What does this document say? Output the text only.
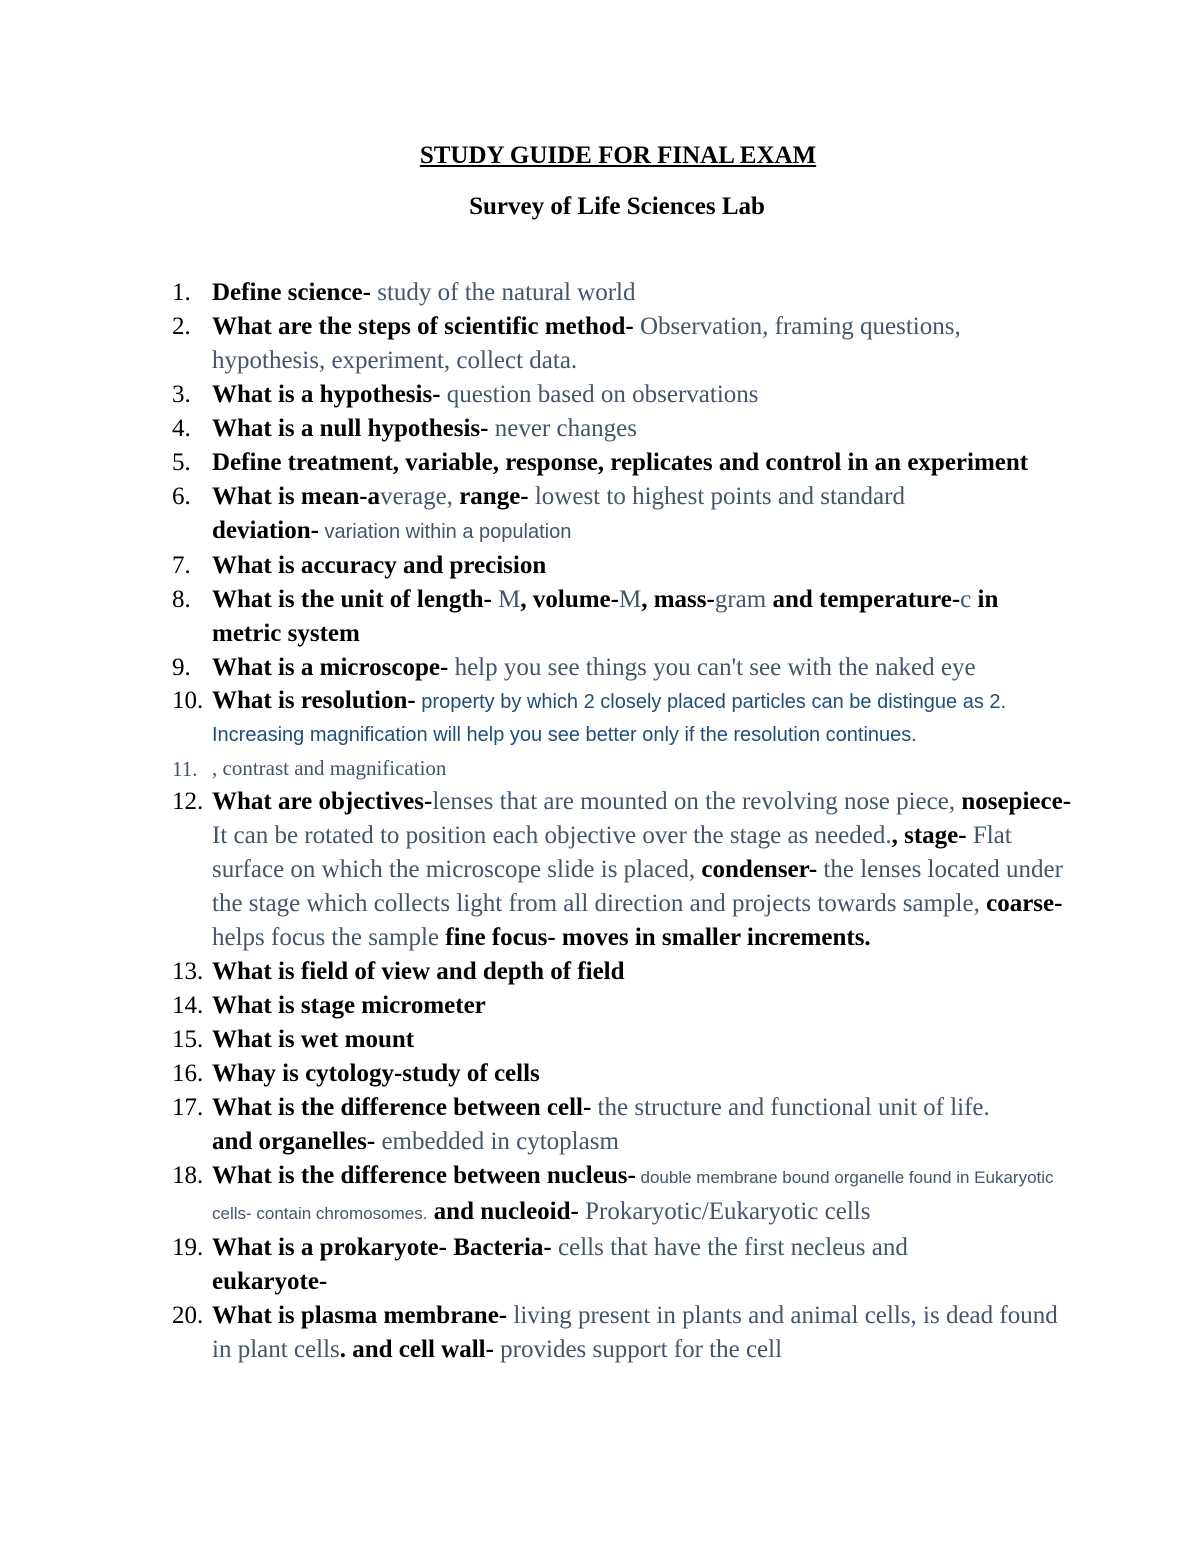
STUDY GUIDE FOR FINAL EXAM
Survey of Life Sciences Lab
1. Define science- study of the natural world
2. What are the steps of scientific method- Observation, framing questions, hypothesis, experiment, collect data.
3. What is a hypothesis- question based on observations
4. What is a null hypothesis- never changes
5. Define treatment, variable, response, replicates and control in an experiment
6. What is mean-average, range- lowest to highest points and standard
deviation- variation within a population
7. What is accuracy and precision
8. What is the unit of length- M, volume-M, mass-gram and temperature-c in metric system
9. What is a microscope- help you see things you can't see with the naked eye
10. What is resolution- property by which 2 closely placed particles can be distingue as 2. Increasing magnification will help you see better only if the resolution continues.
11. , contrast and magnification
12. What are objectives-lenses that are mounted on the revolving nose piece, nosepiece-It can be rotated to position each objective over the stage as needed., stage- Flat surface on which the microscope slide is placed, condenser- the lenses located under the stage which collects light from all direction and projects towards sample, coarse- helps focus the sample fine focus- moves in smaller increments.
13. What is field of view and depth of field
14. What is stage micrometer
15. What is wet mount
16. Whay is cytology-study of cells
17. What is the difference between cell- the structure and functional unit of life.
and organelles- embedded in cytoplasm
18. What is the difference between nucleus- double membrane bound organelle found in Eukaryotic cells- contain chromosomes. and nucleoid- Prokaryotic/Eukaryotic cells
19. What is a prokaryote- Bacteria- cells that have the first necleus and
eukaryote-
20. What is plasma membrane- living present in plants and animal cells, is dead found in plant cells. and cell wall- provides support for the cell
